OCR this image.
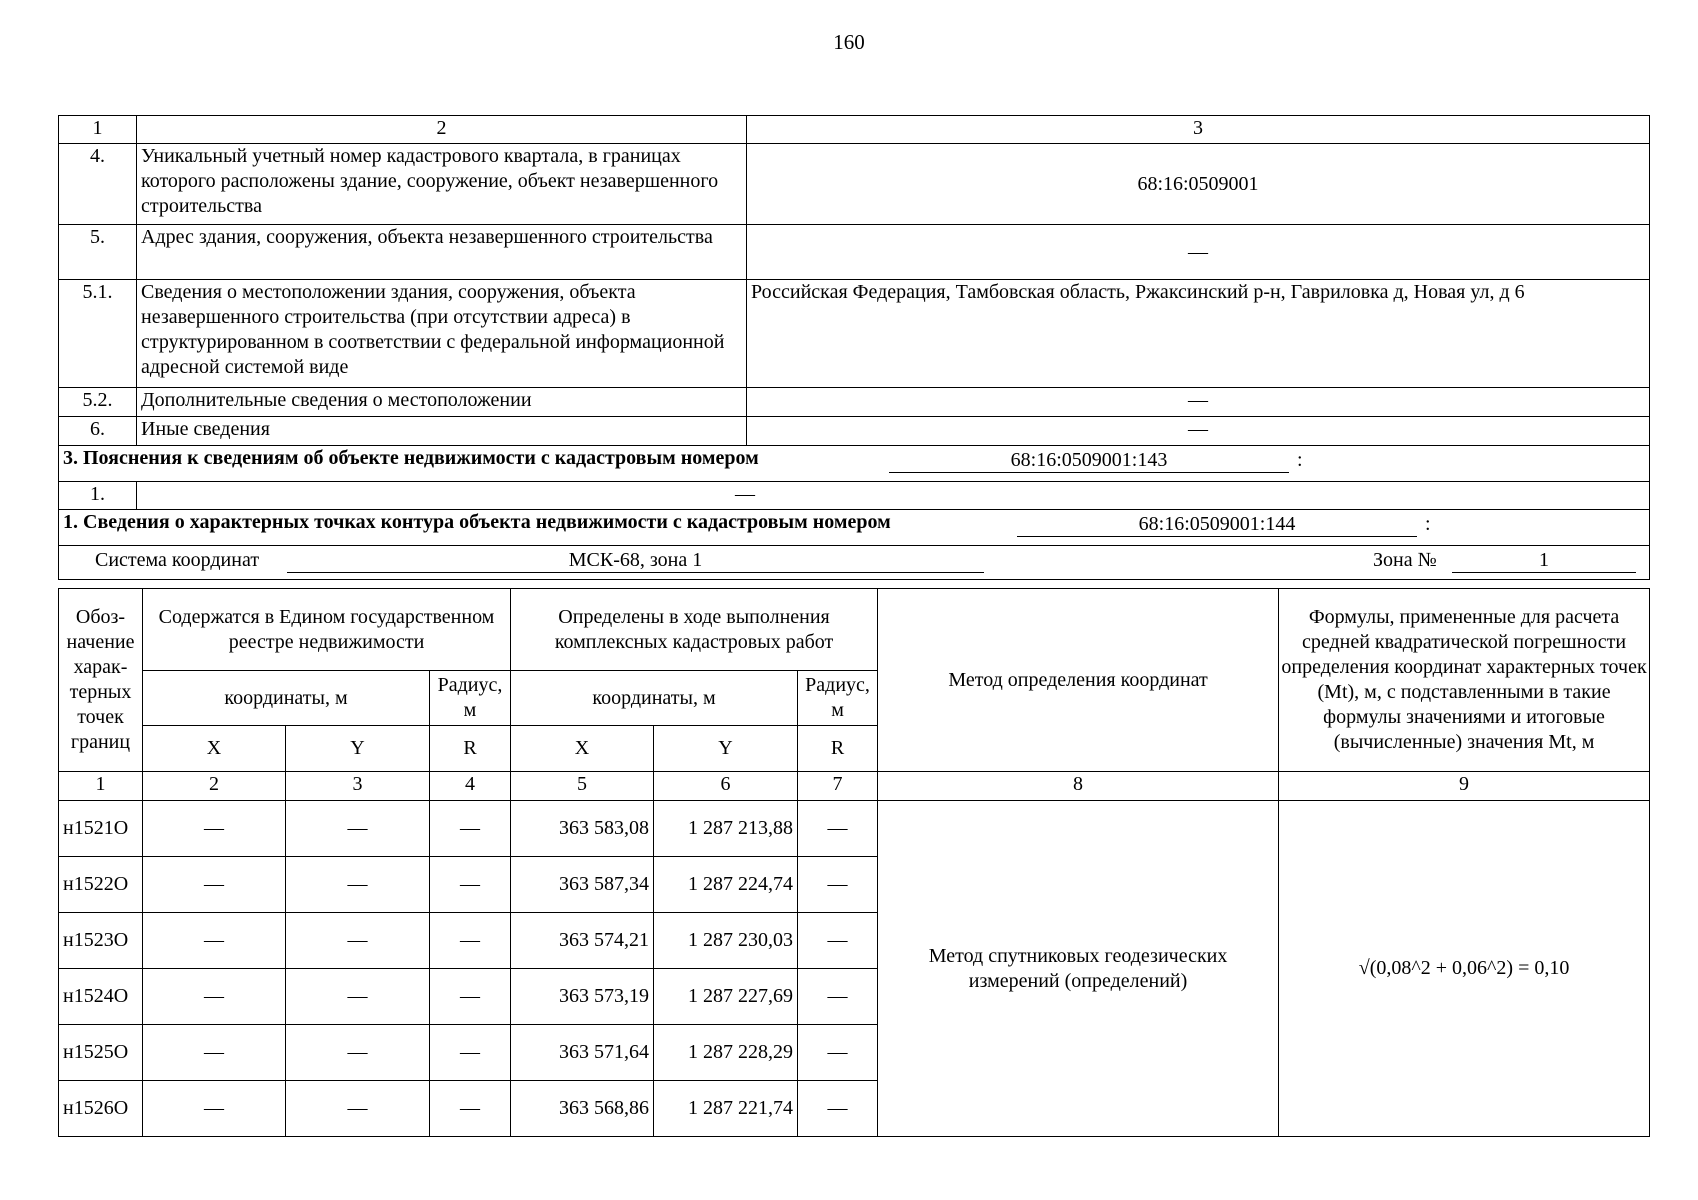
160
1	2	3
4.	Уникальный учетный номер кадастрового квартала, в границах которого расположены здание, сооружение, объект незавершенного строительства	68:16:0509001
5.	Адрес здания, сооружения, объекта незавершенного строительства	—
5.1.	Сведения о местоположении здания, сооружения, объекта незавершенного строительства (при отсутствии адреса) в структурированном в соответствии с федеральной информационной адресной системой виде	Российская Федерация, Тамбовская область, Ржаксинский р-н, Гавриловка д, Новая ул, д 6
5.2.	Дополнительные сведения о местоположении	—
6.	Иные сведения	—
3. Пояснения к сведениям об объекте недвижимости с кадастровым номером 68:16:0509001:143 :		

1.	—	
1. Сведения о характерных точках контура объекта недвижимости с кадастровым номером 68:16:0509001:144 :		

Система координат МСК-68, зона 1 Зона № 1		
Обоз-начение харак-терных точек границ	Содержатся в Едином государственном реестре недвижимости			Определены в ходе выполнения комплексных кадастровых работ			Метод определения координат	Формулы, примененные для расчета средней квадратической погрешности определения координат характерных точек (Mt), м, с подставленными в такие формулы значениями и итоговые (вычисленные) значения Mt, м
	координаты, м		Радиус, м	координаты, м		Радиус, м		
	X	Y	R	X	Y	R		
1	2	3	4	5	6	7	8	9
н1521О	—	—	—	363 583,08	1 287 213,88	—	Метод спутниковых геодезических измерений (определений)	√(0,08^2 + 0,06^2) = 0,10
н1522О	—	—	—	363 587,34	1 287 224,74	—		
н1523О	—	—	—	363 574,21	1 287 230,03	—		
н1524О	—	—	—	363 573,19	1 287 227,69	—		
н1525О	—	—	—	363 571,64	1 287 228,29	—		
н1526О	—	—	—	363 568,86	1 287 221,74	—		
